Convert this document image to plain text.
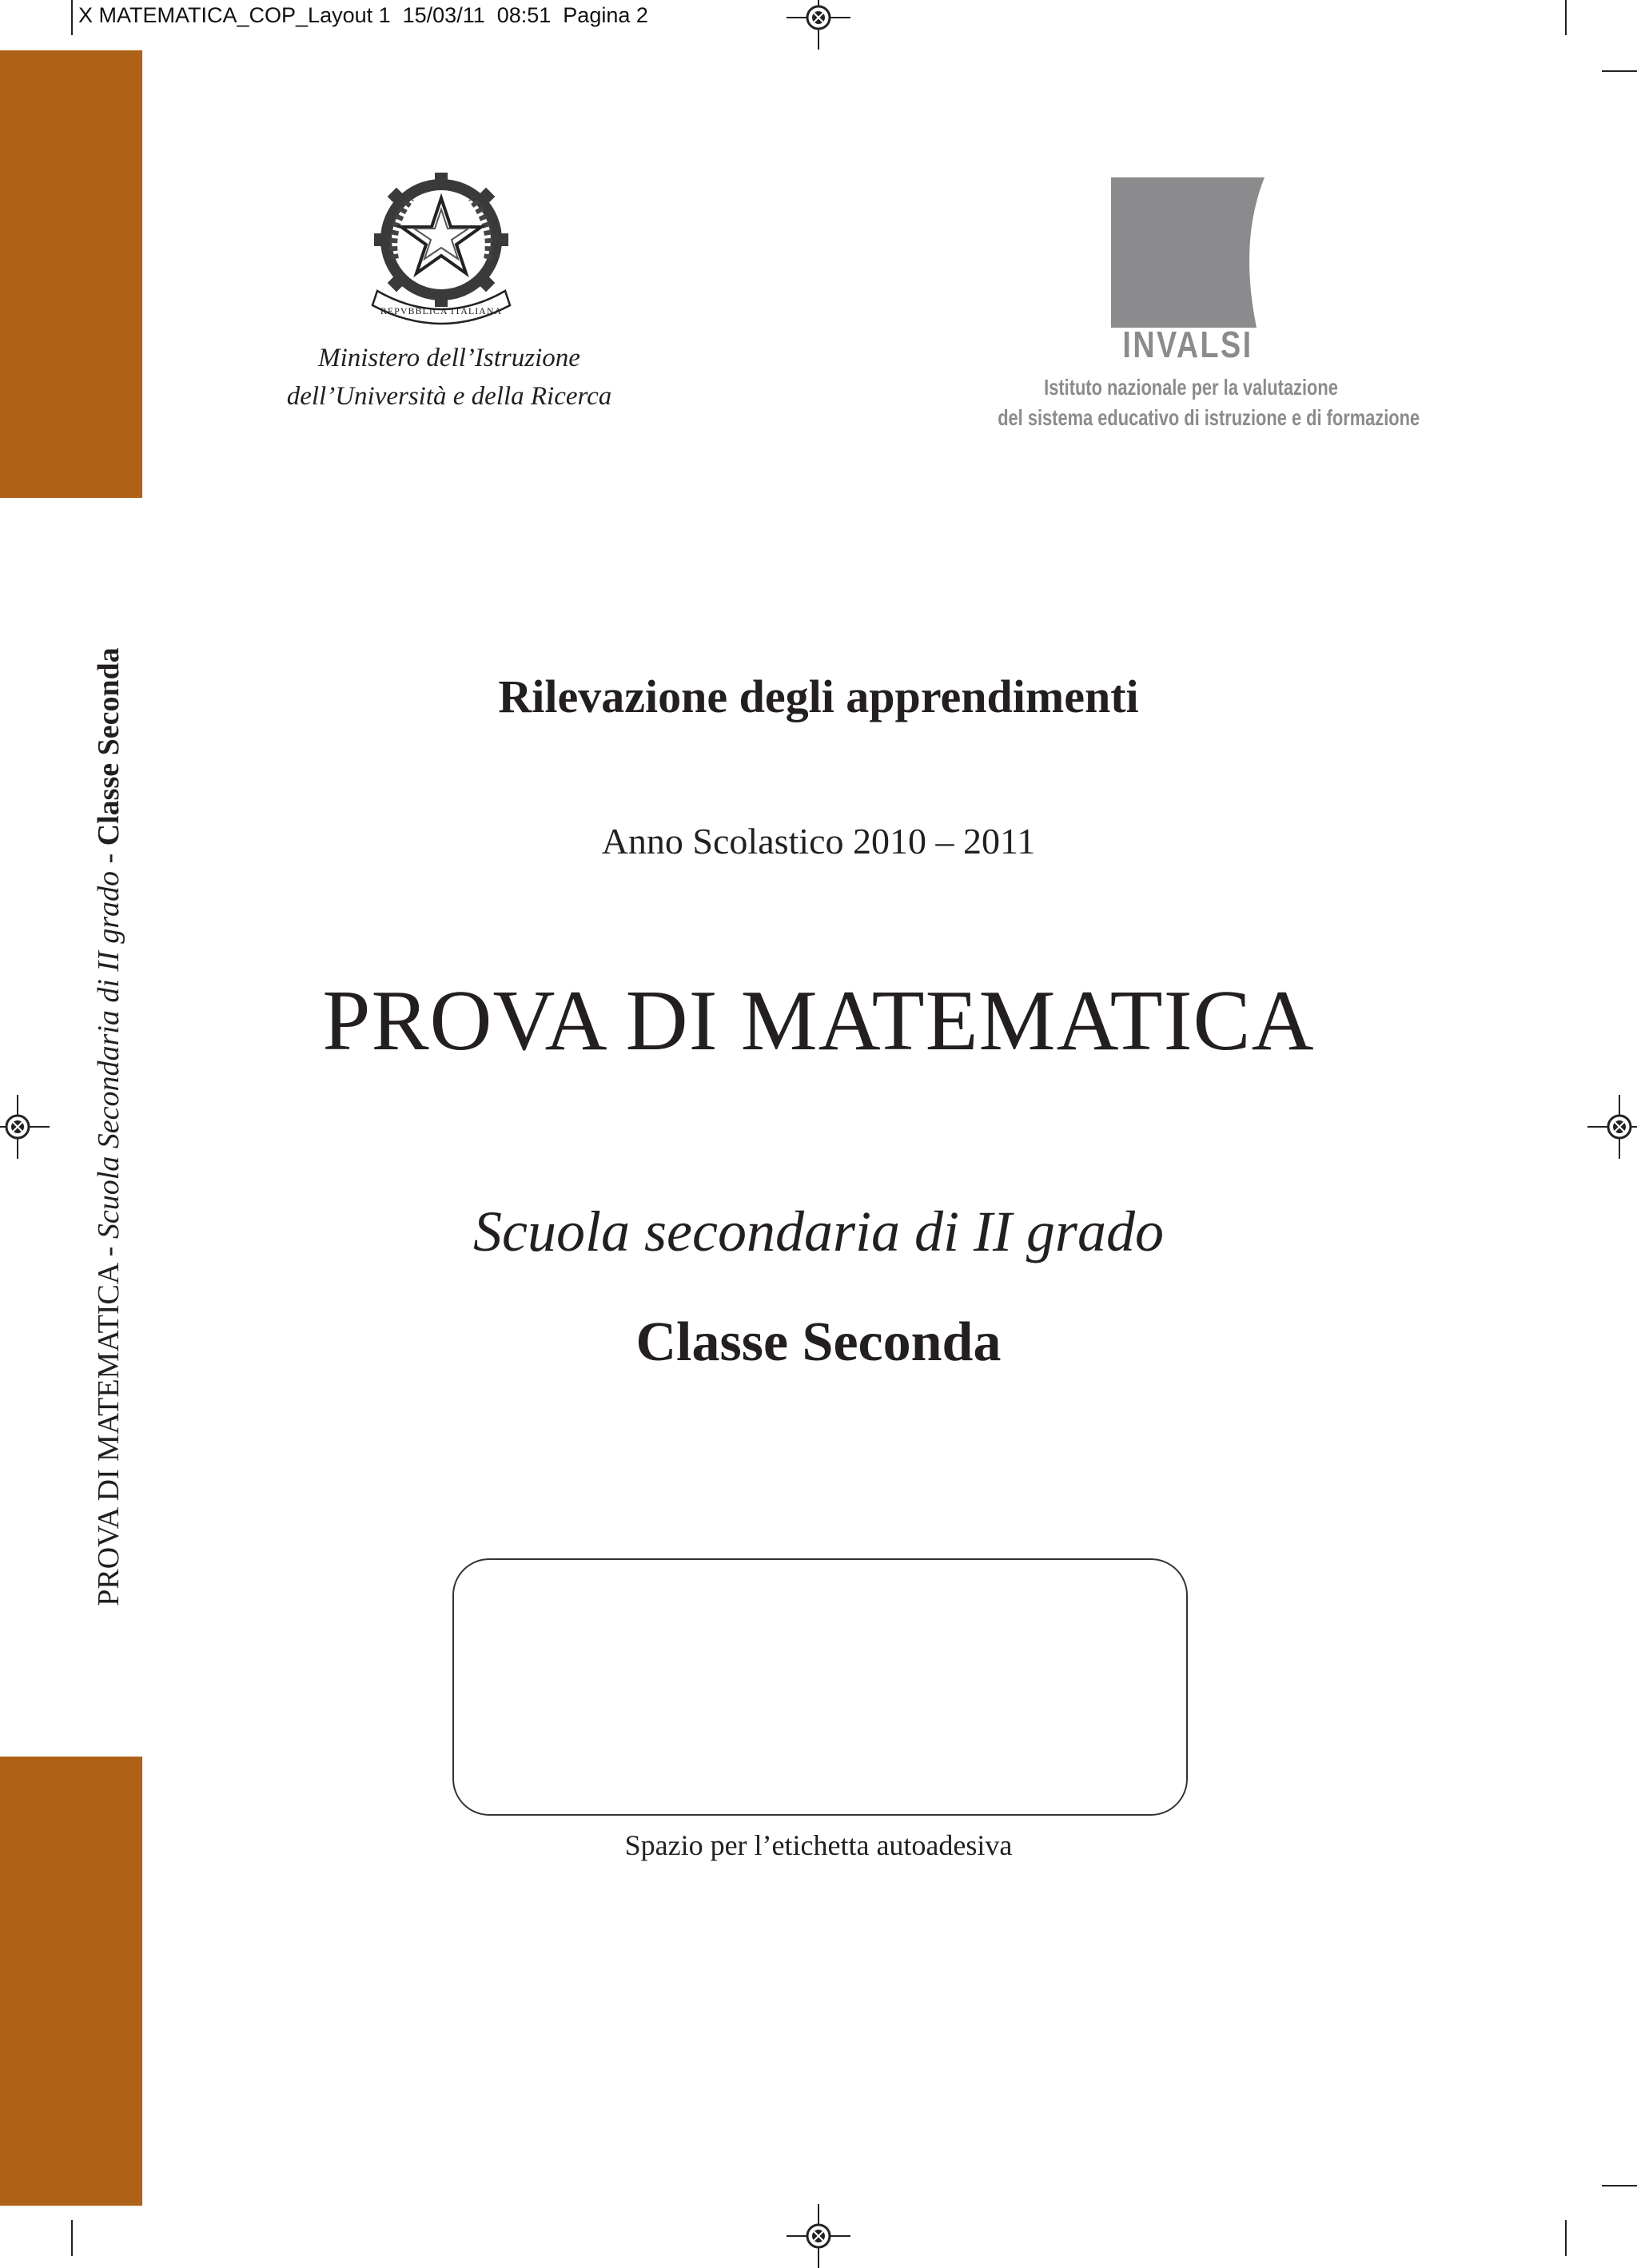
X MATEMATICA_COP_Layout 1  15/03/11  08:51  Pagina 2
PROVA DI MATEMATICA - Scuola Secondaria di II grado - Classe Seconda
REPVBBLICA ITALIANA
Ministero dell’Istruzione
dell’Università e della Ricerca
INVALSI
Istituto nazionale per la valutazione
del sistema educativo di istruzione e di formazione
Rilevazione degli apprendimenti
Anno Scolastico 2010 – 2011
PROVA DI MATEMATICA
Scuola secondaria di II grado
Classe Seconda
Spazio per l’etichetta autoadesiva
